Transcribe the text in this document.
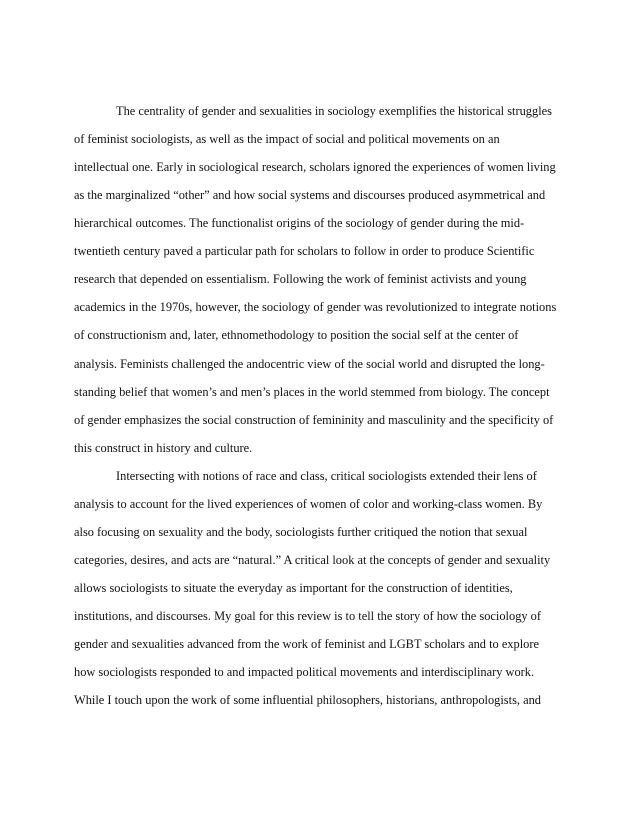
The centrality of gender and sexualities in sociology exemplifies the historical struggles
of feminist sociologists, as well as the impact of social and political movements on an
intellectual one. Early in sociological research, scholars ignored the experiences of women living
as the marginalized “other” and how social systems and discourses produced asymmetrical and
hierarchical outcomes. The functionalist origins of the sociology of gender during the mid-
twentieth century paved a particular path for scholars to follow in order to produce Scientific
research that depended on essentialism. Following the work of feminist activists and young
academics in the 1970s, however, the sociology of gender was revolutionized to integrate notions
of constructionism and, later, ethnomethodology to position the social self at the center of
analysis. Feminists challenged the andocentric view of the social world and disrupted the long-
standing belief that women’s and men’s places in the world stemmed from biology. The concept
of gender emphasizes the social construction of femininity and masculinity and the specificity of
this construct in history and culture.
Intersecting with notions of race and class, critical sociologists extended their lens of
analysis to account for the lived experiences of women of color and working-class women. By
also focusing on sexuality and the body, sociologists further critiqued the notion that sexual
categories, desires, and acts are “natural.” A critical look at the concepts of gender and sexuality
allows sociologists to situate the everyday as important for the construction of identities,
institutions, and discourses. My goal for this review is to tell the story of how the sociology of
gender and sexualities advanced from the work of feminist and LGBT scholars and to explore
how sociologists responded to and impacted political movements and interdisciplinary work.
While I touch upon the work of some influential philosophers, historians, anthropologists, and
